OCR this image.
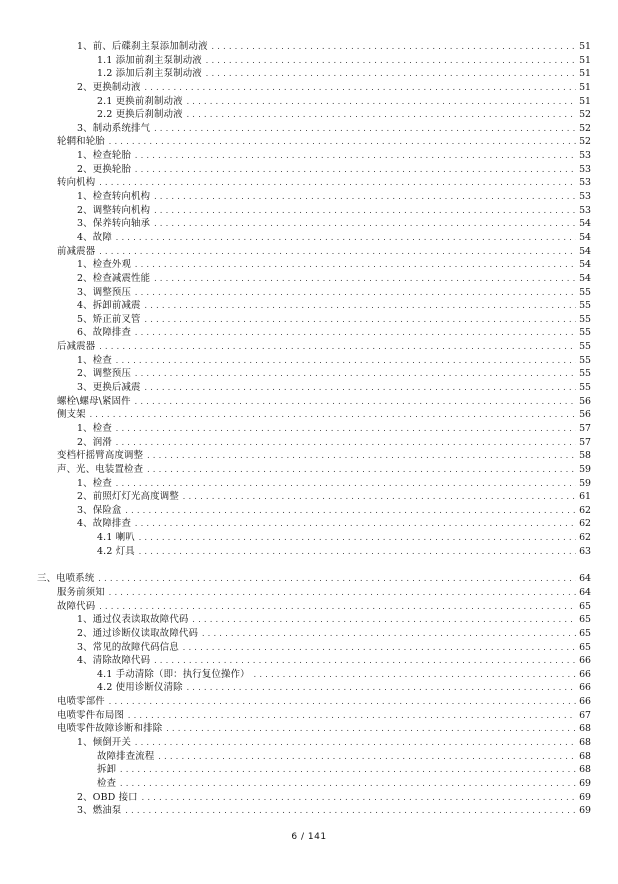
1、前、后碟刹主泵添加制动液 .....	51
1.1 添加前刹主泵制动液 .....	51
1.2 添加后刹主泵制动液 .....	51
2、更换制动液 .....	51
2.1 更换前刹制动液 .....	51
2.2 更换后刹制动液 .....	52
3、制动系统排气 .....	52
轮辋和轮胎 .....	52
1、检查轮胎 .....	53
2、更换轮胎 .....	53
转向机构 .....	53
1、检查转向机构 .....	53
2、调整转向机构 .....	53
3、保养转向轴承 .....	54
4、故障 .....	54
前减震器 .....	54
1、检查外观 .....	54
2、检查减震性能 .....	54
3、调整预压 .....	55
4、拆卸前减震 .....	55
5、矫正前叉管 .....	55
6、故障排查 .....	55
后减震器 .....	55
1、检查 .....	55
2、调整预压 .....	55
3、更换后减震 .....	55
螺栓\螺母\紧固件 .....	56
侧支架 .....	56
1、检查 .....	57
2、润滑 .....	57
变档杆摇臂高度调整 .....	58
声、光、电装置检查 .....	59
1、检查 .....	59
2、前照灯灯光高度调整 .....	61
3、保险盒 .....	62
4、故障排查 .....	62
4.1 喇叭 .....	62
4.2 灯具 .....	63
三、电喷系统 .....	64
服务前须知 .....	64
故障代码 .....	65
1、通过仪表读取故障代码 .....	65
2、通过诊断仪读取故障代码 .....	65
3、常见的故障代码信息 .....	65
4、清除故障代码 .....	66
4.1 手动清除（即：执行复位操作） .....	66
4.2 使用诊断仪清除 .....	66
电喷零部件 .....	66
电喷零件布局图 .....	67
电喷零件故障诊断和排除 .....	68
1、倾倒开关 .....	68
故障排查流程 .....	68
拆卸 .....	68
检查 .....	69
2、OBD 接口 .....	69
3、燃油泵 .....	69
6 / 141
